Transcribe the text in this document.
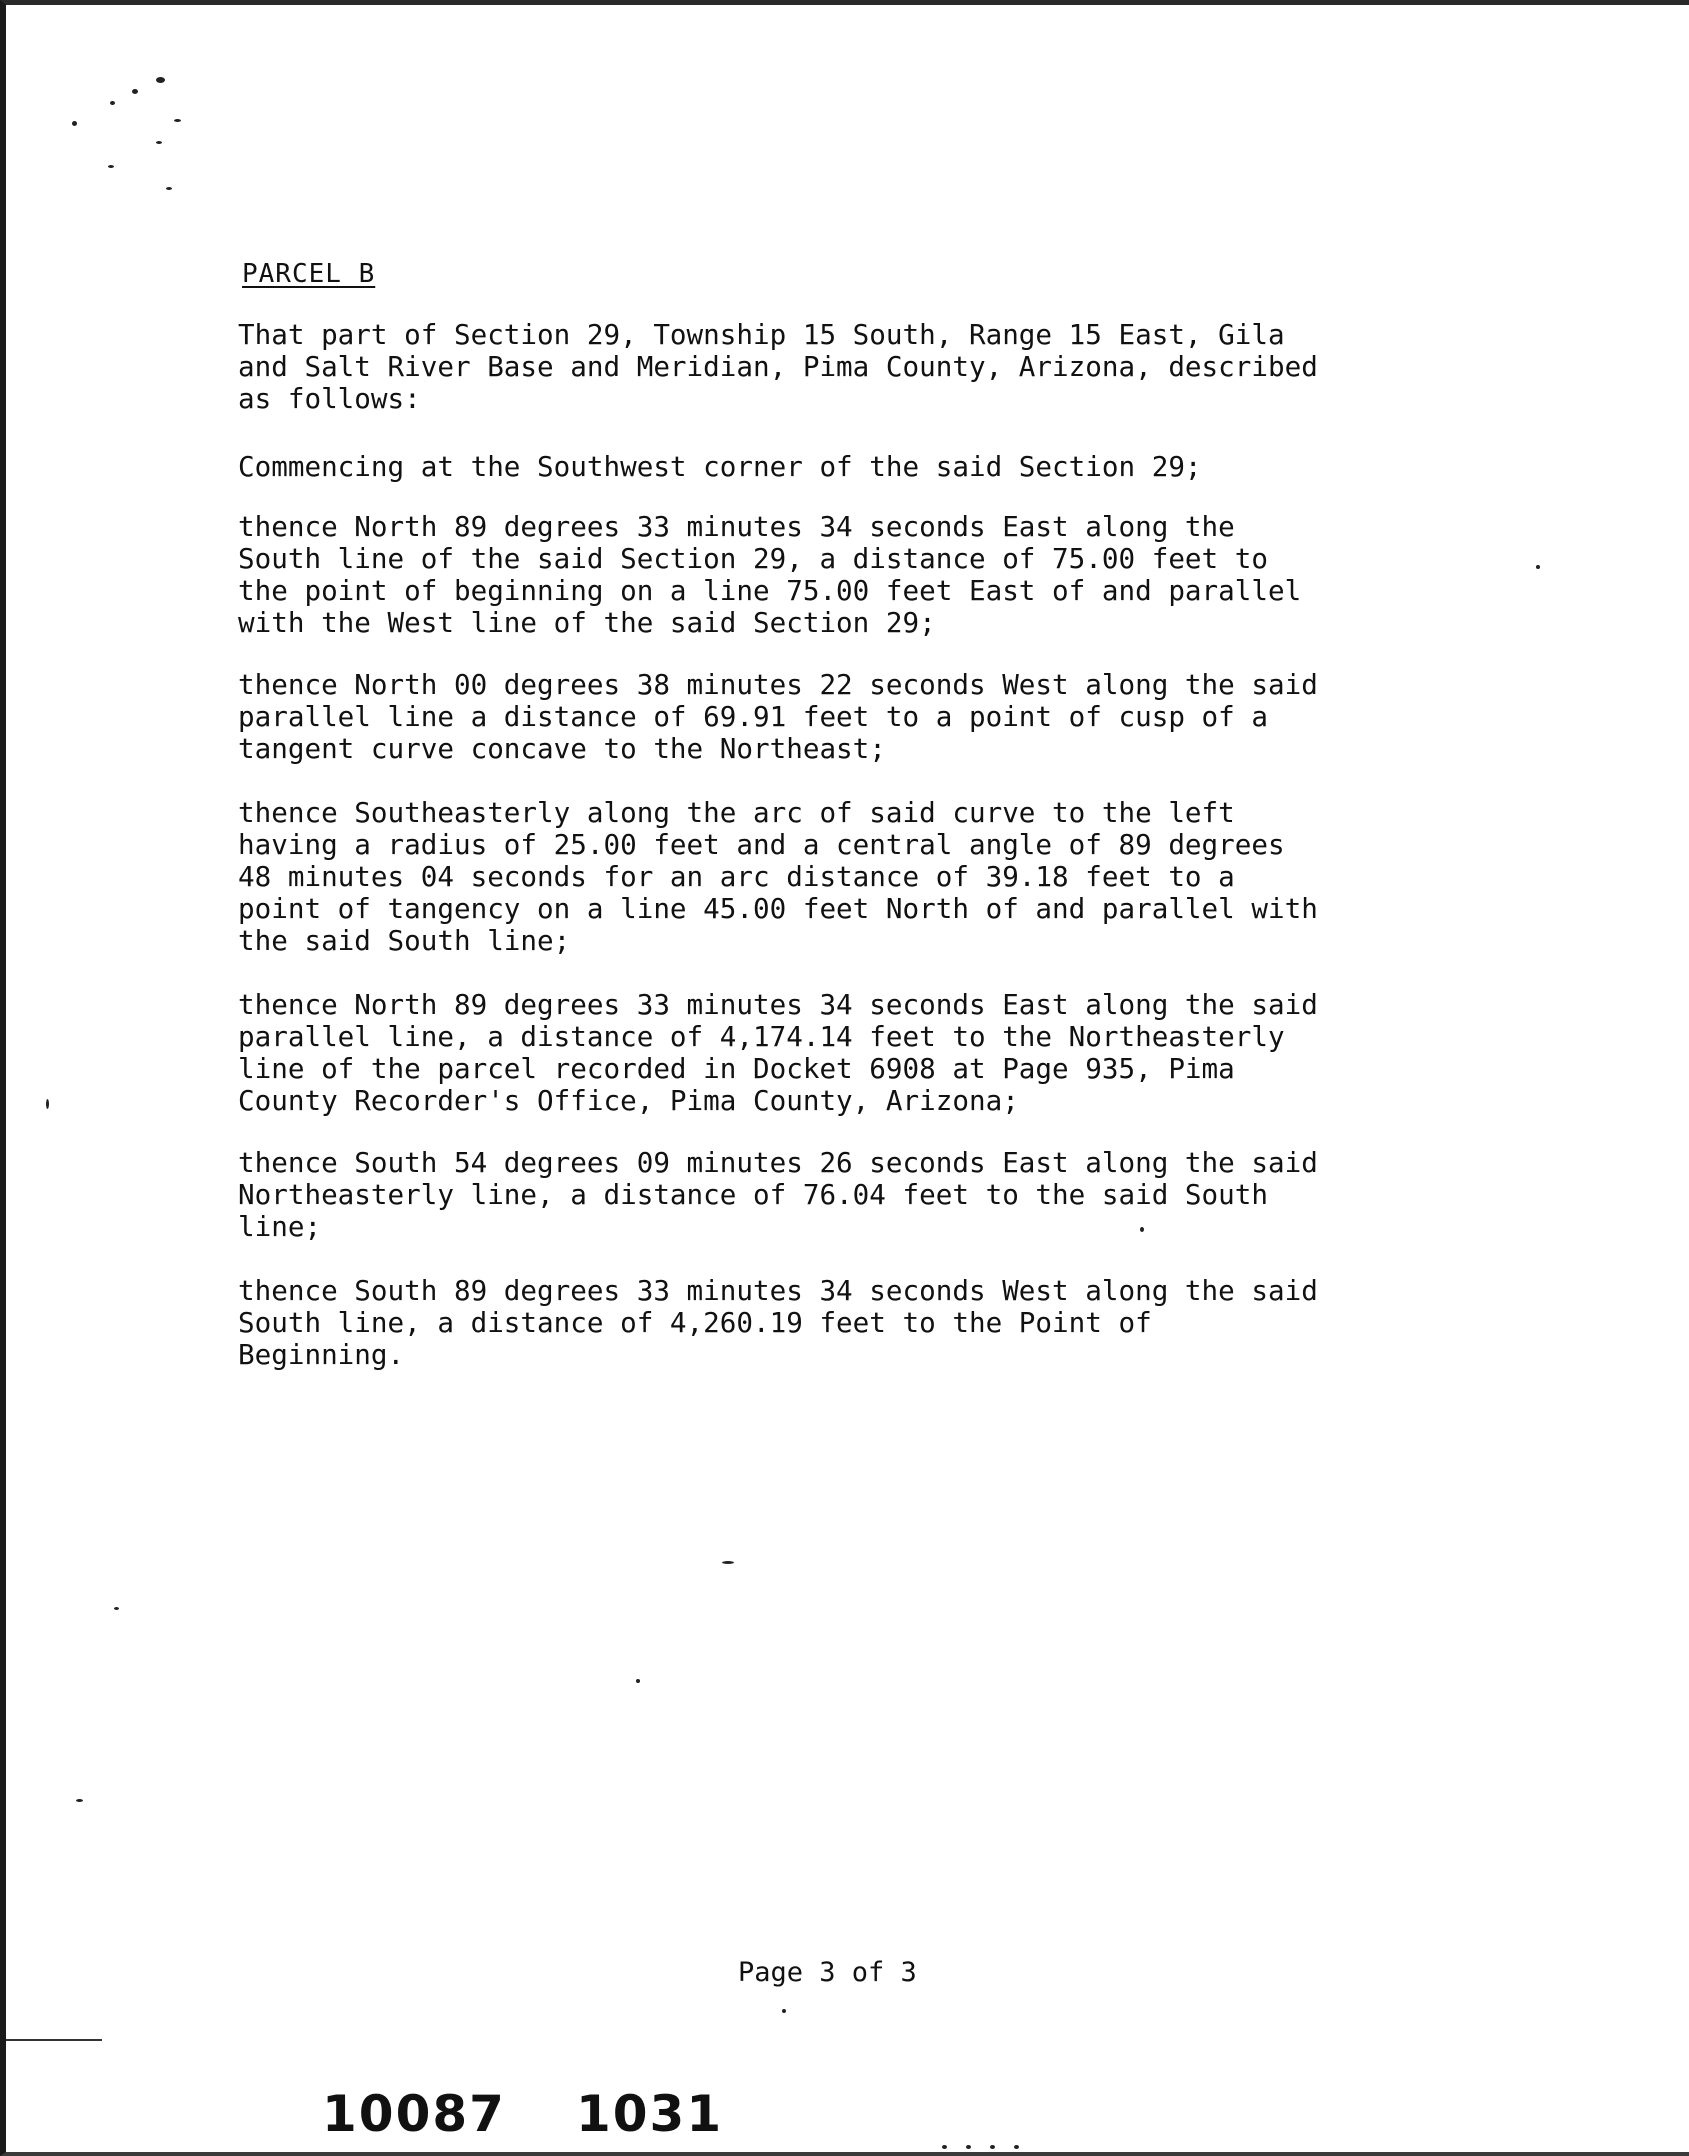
PARCEL B

That part of Section 29, Township 15 South, Range 15 East, Gila
and Salt River Base and Meridian, Pima County, Arizona, described
as follows:

Commencing at the Southwest corner of the said Section 29;

thence North 89 degrees 33 minutes 34 seconds East along the
South line of the said Section 29, a distance of 75.00 feet to
the point of beginning on a line 75.00 feet East of and parallel
with the West line of the said Section 29;

thence North 00 degrees 38 minutes 22 seconds West along the said
parallel line a distance of 69.91 feet to a point of cusp of a
tangent curve concave to the Northeast;

thence Southeasterly along the arc of said curve to the left
having a radius of 25.00 feet and a central angle of 89 degrees
48 minutes 04 seconds for an arc distance of 39.18 feet to a
point of tangency on a line 45.00 feet North of and parallel with
the said South line;

thence North 89 degrees 33 minutes 34 seconds East along the said
parallel line, a distance of 4,174.14 feet to the Northeasterly
line of the parcel recorded in Docket 6908 at Page 935, Pima
County Recorder's Office, Pima County, Arizona;

thence South 54 degrees 09 minutes 26 seconds East along the said
Northeasterly line, a distance of 76.04 feet to the said South
line;

thence South 89 degrees 33 minutes 34 seconds West along the said
South line, a distance of 4,260.19 feet to the Point of
Beginning.

Page 3 of 3

10087 1031
